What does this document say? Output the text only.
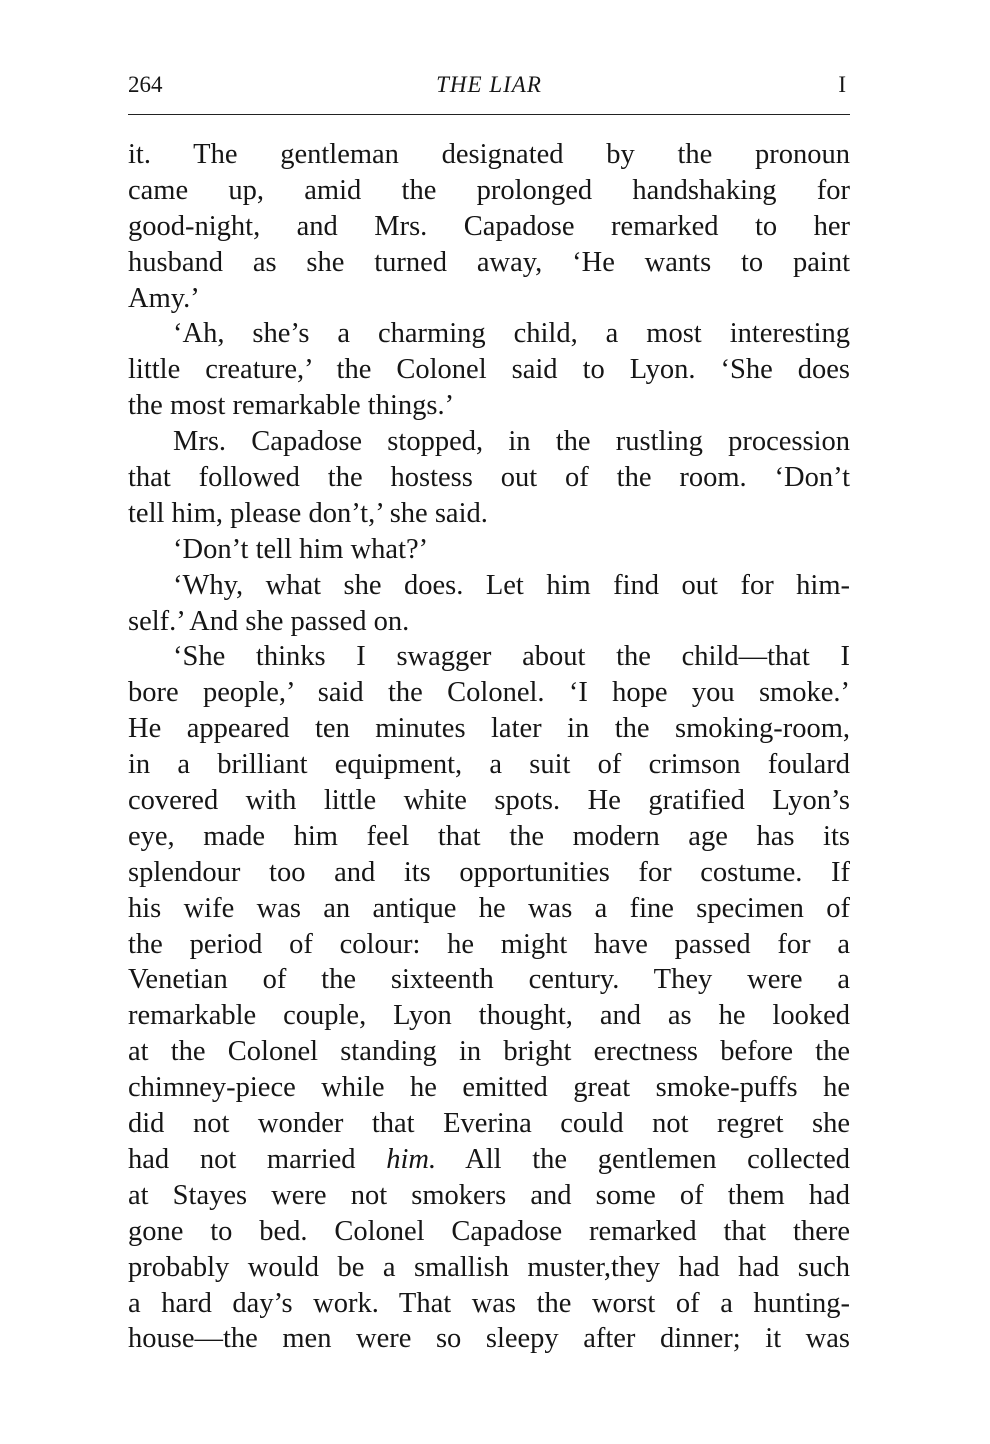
264	THE LIAR	I
it. The gentleman designated by the pronoun
came up, amid the prolonged handshaking for
good-night, and Mrs. Capadose remarked to her
husband as she turned away, ‘He wants to paint
Amy.’
‘Ah, she’s a charming child, a most interesting
little creature,’ the Colonel said to Lyon. ‘She does
the most remarkable things.’
Mrs. Capadose stopped, in the rustling procession
that followed the hostess out of the room. ‘Don’t
tell him, please don’t,’ she said.
‘Don’t tell him what?’
‘Why, what she does. Let him find out for him-
self.’ And she passed on.
‘She thinks I swagger about the child—that I
bore people,’ said the Colonel. ‘I hope you smoke.’
He appeared ten minutes later in the smoking-room,
in a brilliant equipment, a suit of crimson foulard
covered with little white spots. He gratified Lyon’s
eye, made him feel that the modern age has its
splendour too and its opportunities for costume. If
his wife was an antique he was a fine specimen of
the period of colour: he might have passed for a
Venetian of the sixteenth century. They were a
remarkable couple, Lyon thought, and as he looked
at the Colonel standing in bright erectness before the
chimney-piece while he emitted great smoke-puffs he
did not wonder that Everina could not regret she
had not married him. All the gentlemen collected
at Stayes were not smokers and some of them had
gone to bed. Colonel Capadose remarked that there
probably would be a smallish muster,they had had such
a hard day’s work. That was the worst of a hunting-
house—the men were so sleepy after dinner; it was
